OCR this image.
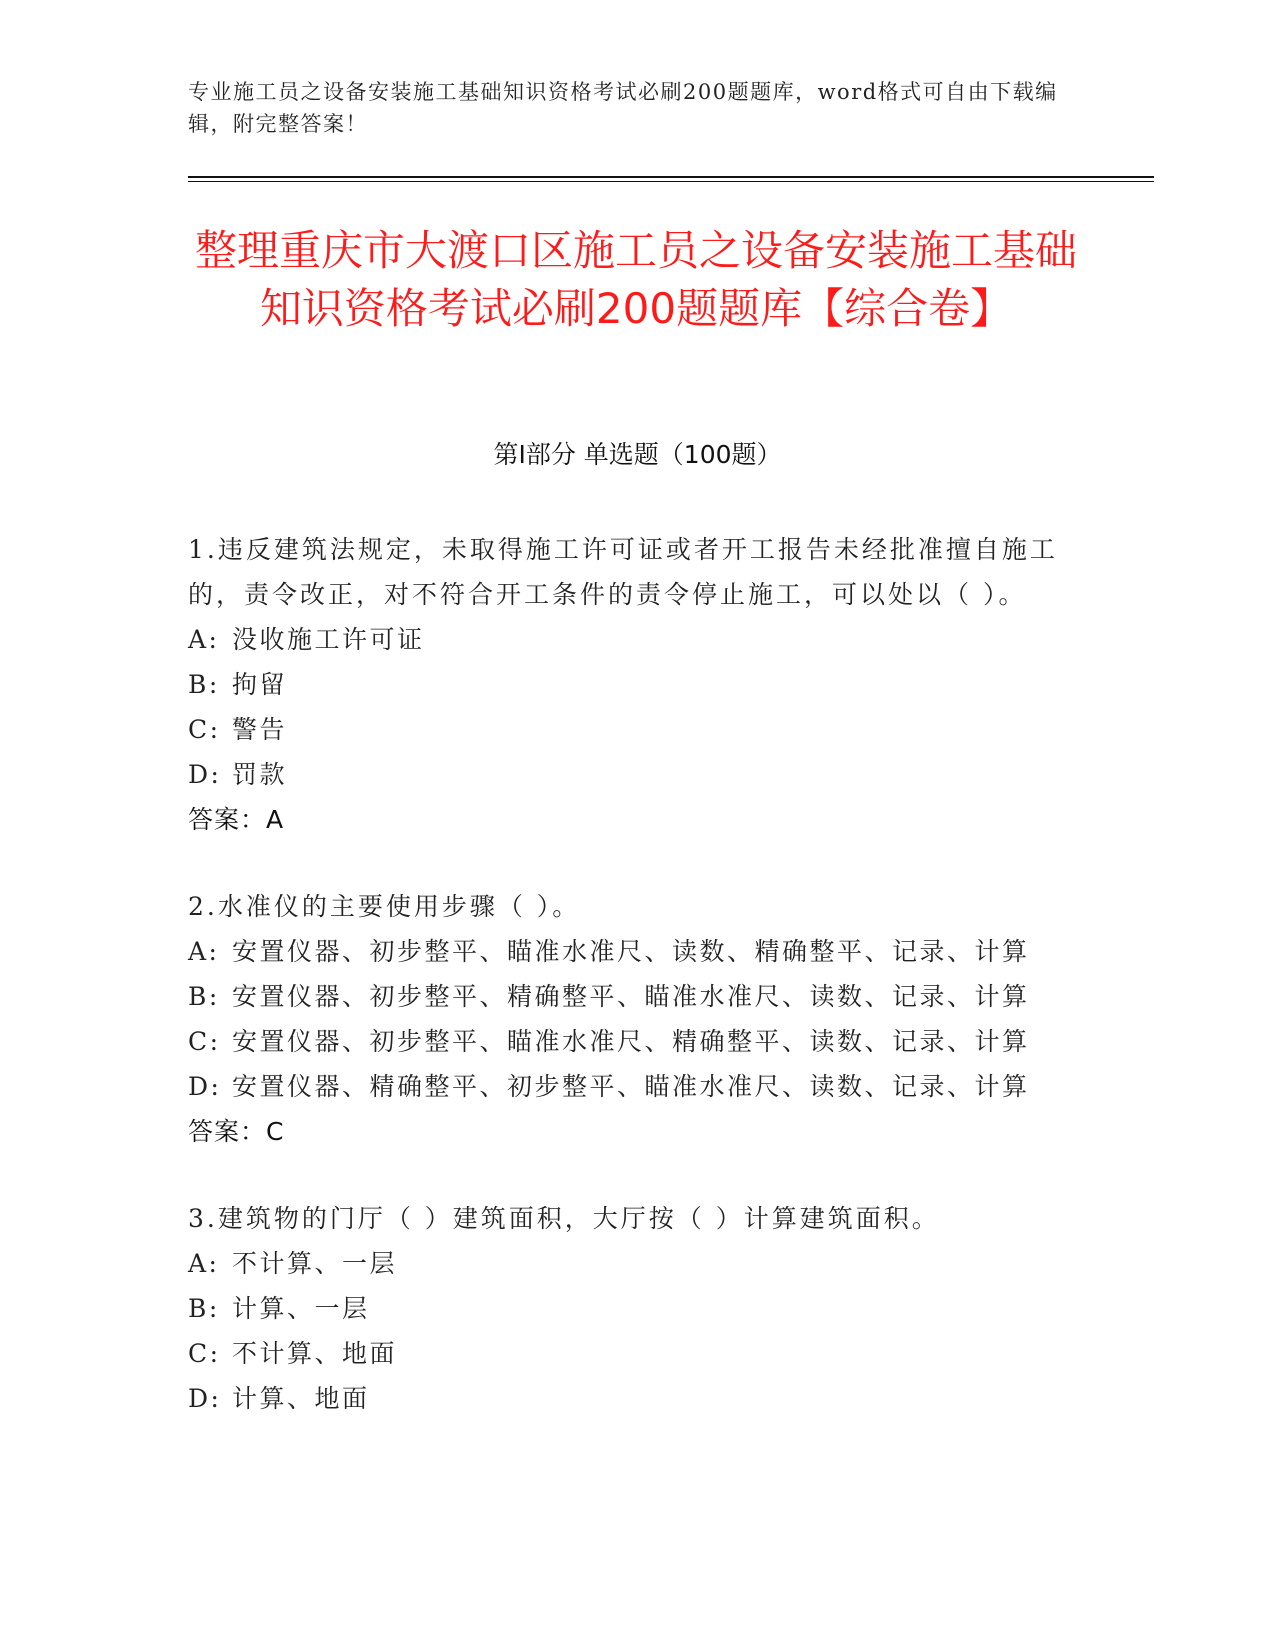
专业施工员之设备安装施工基础知识资格考试必刷200题题库，word格式可自由下载编辑，附完整答案！
整理重庆市大渡口区施工员之设备安装施工基础知识资格考试必刷200题题库【综合卷】
第I部分 单选题（100题）

1.违反建筑法规定，未取得施工许可证或者开工报告未经批准擅自施工的，责令改正，对不符合开工条件的责令停止施工，可以处以（ ）。

A: 没收施工许可证

B: 拘留

C: 警告

D: 罚款

答案：A

2.水准仪的主要使用步骤（ ）。

A: 安置仪器、初步整平、瞄准水准尺、读数、精确整平、记录、计算

B: 安置仪器、初步整平、精确整平、瞄准水准尺、读数、记录、计算

C: 安置仪器、初步整平、瞄准水准尺、精确整平、读数、记录、计算

D: 安置仪器、精确整平、初步整平、瞄准水准尺、读数、记录、计算

答案：C

3.建筑物的门厅（ ）建筑面积，大厅按（ ）计算建筑面积。

A: 不计算、一层

B: 计算、一层

C: 不计算、地面

D: 计算、地面
